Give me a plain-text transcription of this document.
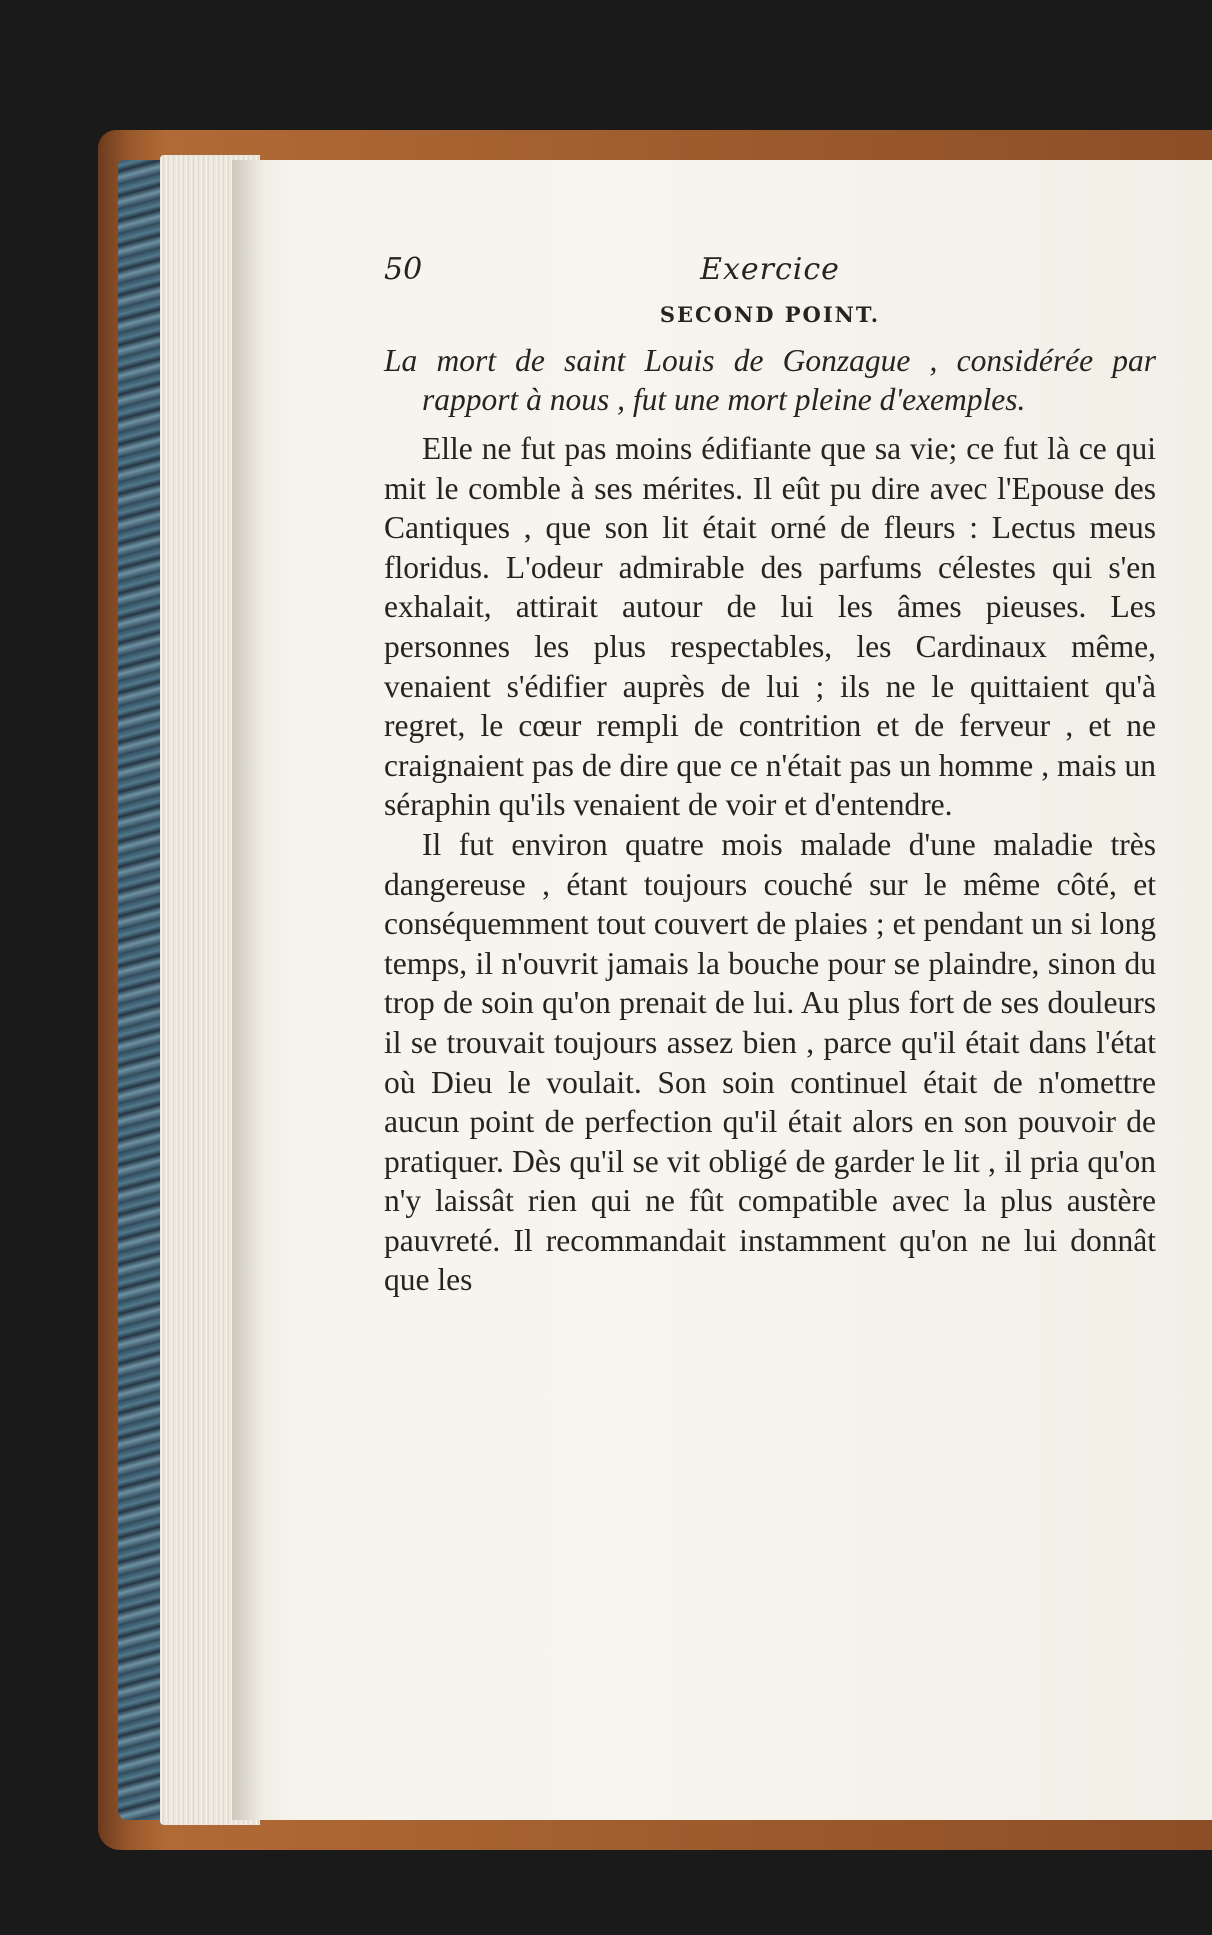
50	Exercice
SECOND POINT.

La mort de saint Louis de Gonzague , considérée par rapport à nous , fut une mort pleine d'exemples.

Elle ne fut pas moins édifiante que sa vie; ce fut là ce qui mit le comble à ses mérites. Il eût pu dire avec l'Epouse des Cantiques , que son lit était orné de fleurs : Lectus meus floridus. L'odeur admirable des parfums célestes qui s'en exhalait, attirait autour de lui les âmes pieuses. Les personnes les plus respectables, les Cardinaux même, venaient s'édifier auprès de lui ; ils ne le quittaient qu'à regret, le cœur rempli de contrition et de ferveur , et ne craignaient pas de dire que ce n'était pas un homme , mais un séraphin qu'ils venaient de voir et d'entendre.

Il fut environ quatre mois malade d'une maladie très dangereuse , étant toujours couché sur le même côté, et conséquemment tout couvert de plaies ; et pendant un si long temps, il n'ouvrit jamais la bouche pour se plaindre, sinon du trop de soin qu'on prenait de lui. Au plus fort de ses douleurs il se trouvait toujours assez bien , parce qu'il était dans l'état où Dieu le voulait. Son soin continuel était de n'omettre aucun point de perfection qu'il était alors en son pouvoir de pratiquer. Dès qu'il se vit obligé de garder le lit , il pria qu'on n'y laissât rien qui ne fût compatible avec la plus austère pauvreté. Il recommandait instamment qu'on ne lui donnât que les
